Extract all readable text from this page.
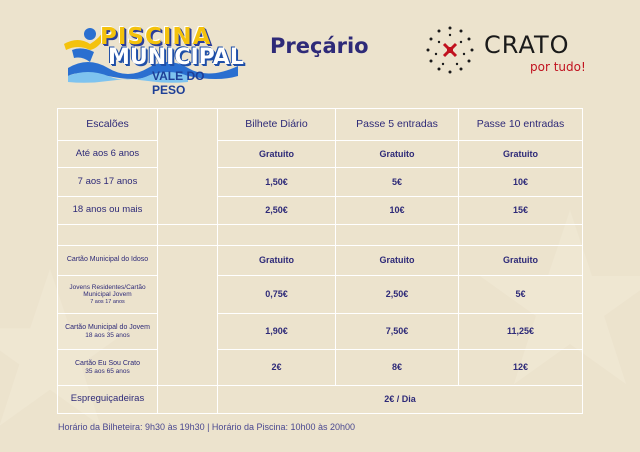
PISCINA
MUNICIPAL
VALE DO PESO
Preçário	CRATO
por tudo!
Escalões		Bilhete Diário	Passe 5 entradas	Passe 10 entradas
Até aos 6 anos		Gratuito	Gratuito	Gratuito
7 aos 17 anos		1,50€	5€	10€
18 anos ou mais		2,50€	10€	15€

Cartão Municipal do Idoso		Gratuito	Gratuito	Gratuito
Jovens Residentes/Cartão Municipal Jovem
7 aos 17 anos		0,75€	2,50€	5€
Cartão Municipal do Jovem
18 aos 35 anos		1,90€	7,50€	11,25€
Cartão Eu Sou Crato
35 aos 65 anos		2€	8€	12€
Espreguiçadeiras		2€ / Dia		
Horário da Bilheteira: 9h30 às 19h30 | Horário da Piscina: 10h00 às 20h00
